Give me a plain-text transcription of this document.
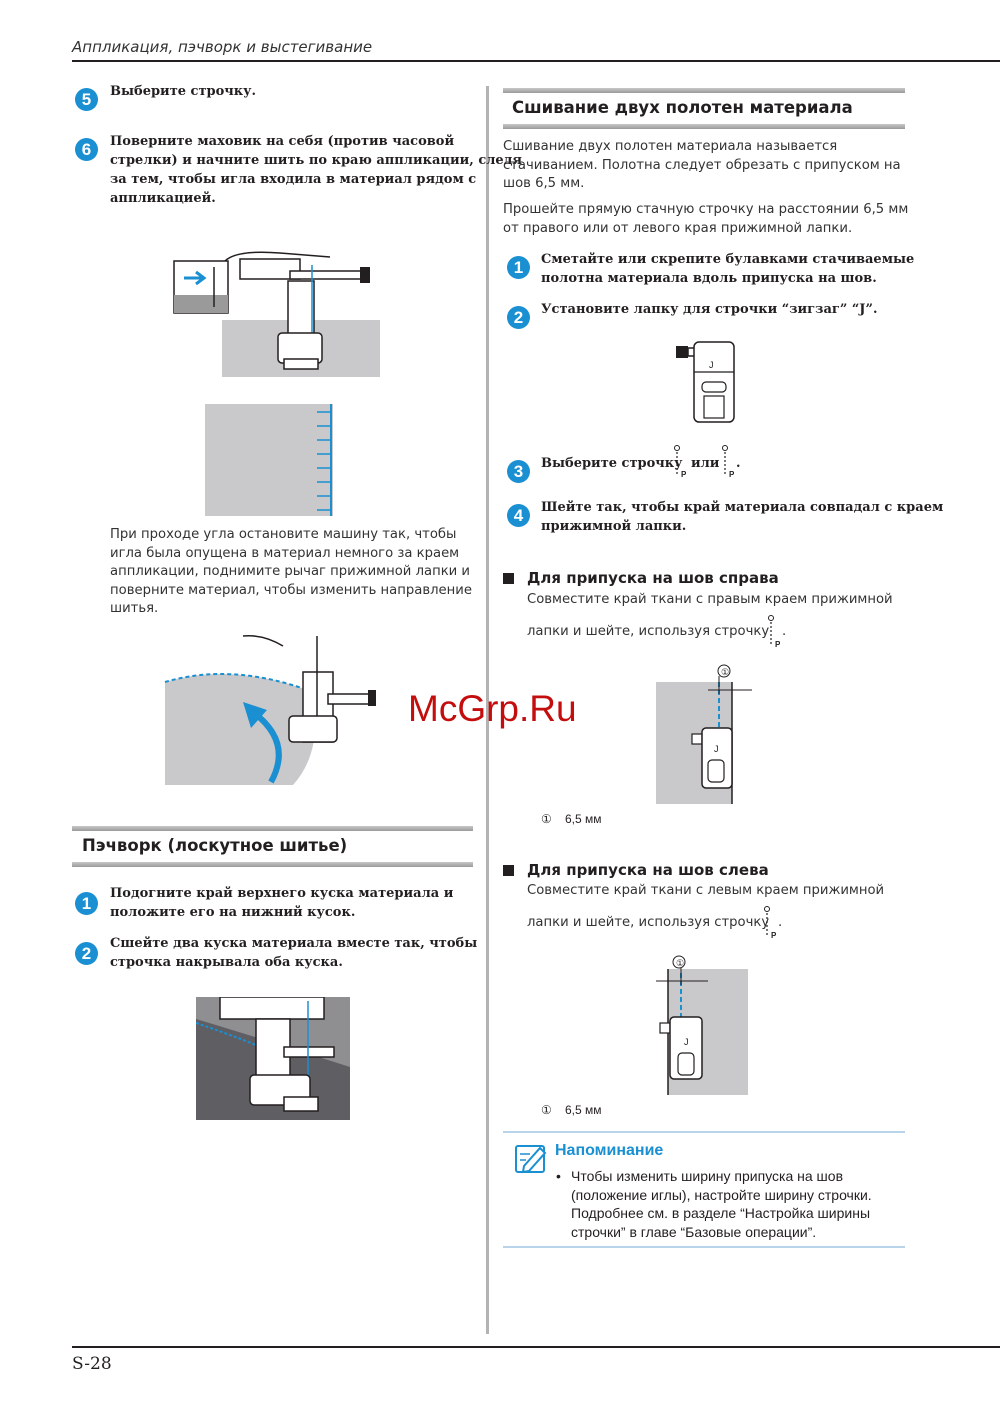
Аппликация, пэчворк и выстегивание
5	Выберите строчку.
6	Поверните маховик на себя (против часовой
стрелки) и начните шить по краю аппликации, следя
за тем, чтобы игла входила в материал рядом с
аппликацией.
При проходе угла остановите машину так, чтобы
игла была опущена в материал немного за краем
аппликации, поднимите рычаг прижимной лапки и
поверните материал, чтобы изменить направление
шитья.
Пэчворк (лоскутное шитье)
1	Подогните край верхнего куска материала и
положите его на нижний кусок.
2	Сшейте два куска материала вместе так, чтобы
строчка накрывала оба куска.
Сшивание двух полотен материала
Сшивание двух полотен материала называется
стачиванием. Полотна следует обрезать с припуском на
шов 6,5 мм.
Прошейте прямую стачную строчку на расстоянии 6,5 мм
от правого или от левого края прижимной лапки.
1	Сметайте или скрепите булавками стачиваемые
полотна материала вдоль припуска на шов.
2	Установите лапку для строчки “зигзаг” “J”.
J
3	Выберите строчку
P
или
P
.
4	Шейте так, чтобы край материала совпадал с краем
прижимной лапки.
Для припуска на шов справа
Совместите край ткани с правым краем прижимной
лапки и шейте, используя строчку
P
.
①
J
① 6,5 мм
Для припуска на шов слева
Совместите край ткани с левым краем прижимной
лапки и шейте, используя строчку
P
.
①
J
① 6,5 мм
Напоминание
• Чтобы изменить ширину припуска на шов
(положение иглы), настройте ширину строчки.
Подробнее см. в разделе “Настройка ширины
строчки” в главе “Базовые операции”.
McGrp.Ru
S-28
